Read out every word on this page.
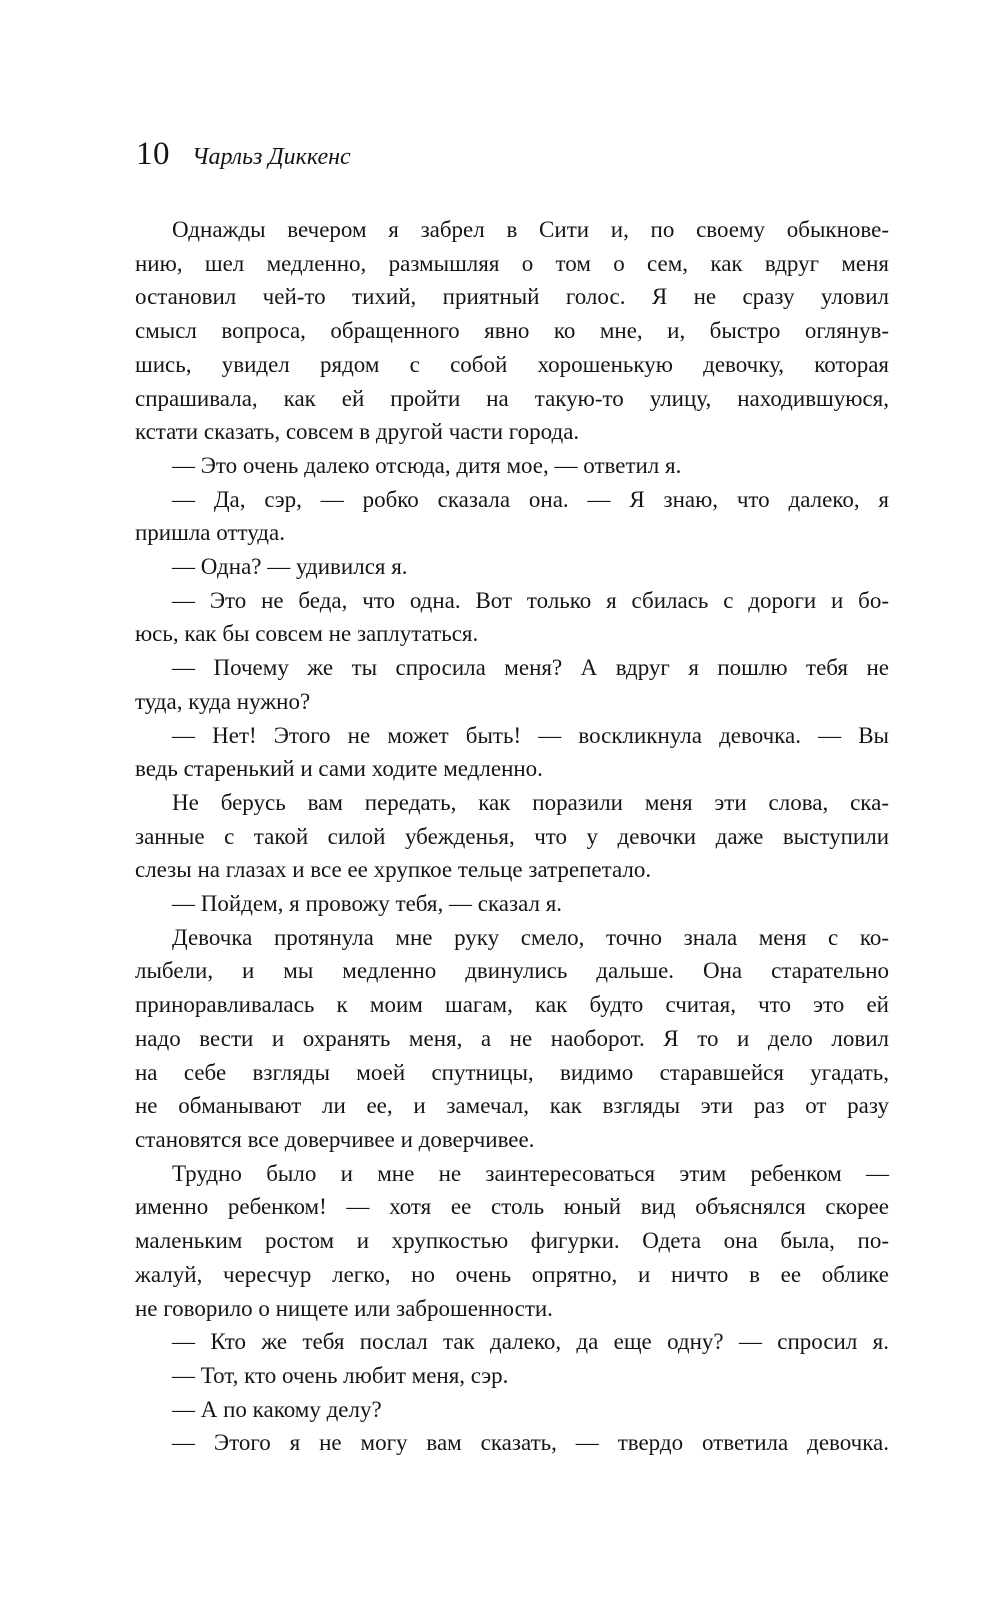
10 Чарльз Диккенс
Однажды вечером я забрел в Сити и, по своему обыкнове-
нию, шел медленно, размышляя о том о сем, как вдруг меня
остановил чей-то тихий, приятный голос. Я не сразу уловил
смысл вопроса, обращенного явно ко мне, и, быстро оглянув-
шись, увидел рядом с собой хорошенькую девочку, которая
спрашивала, как ей пройти на такую-то улицу, находившуюся,
кстати сказать, совсем в другой части города.
— Это очень далеко отсюда, дитя мое, — ответил я.
— Да, сэр, — робко сказала она. — Я знаю, что далеко, я
пришла оттуда.
— Одна? — удивился я.
— Это не беда, что одна. Вот только я сбилась с дороги и бо-
юсь, как бы совсем не заплутаться.
— Почему же ты спросила меня? А вдруг я пошлю тебя не
туда, куда нужно?
— Нет! Этого не может быть! — воскликнула девочка. — Вы
ведь старенький и сами ходите медленно.
Не берусь вам передать, как поразили меня эти слова, ска-
занные с такой силой убежденья, что у девочки даже выступили
слезы на глазах и все ее хрупкое тельце затрепетало.
— Пойдем, я провожу тебя, — сказал я.
Девочка протянула мне руку смело, точно знала меня с ко-
лыбели, и мы медленно двинулись дальше. Она старательно
приноравливалась к моим шагам, как будто считая, что это ей
надо вести и охранять меня, а не наоборот. Я то и дело ловил
на себе взгляды моей спутницы, видимо старавшейся угадать,
не обманывают ли ее, и замечал, как взгляды эти раз от разу
становятся все доверчивее и доверчивее.
Трудно было и мне не заинтересоваться этим ребенком —
именно ребенком! — хотя ее столь юный вид объяснялся скорее
маленьким ростом и хрупкостью фигурки. Одета она была, по-
жалуй, чересчур легко, но очень опрятно, и ничто в ее облике
не говорило о нищете или заброшенности.
— Кто же тебя послал так далеко, да еще одну? — спросил я.
— Тот, кто очень любит меня, сэр.
— А по какому делу?
— Этого я не могу вам сказать, — твердо ответила девочка.
